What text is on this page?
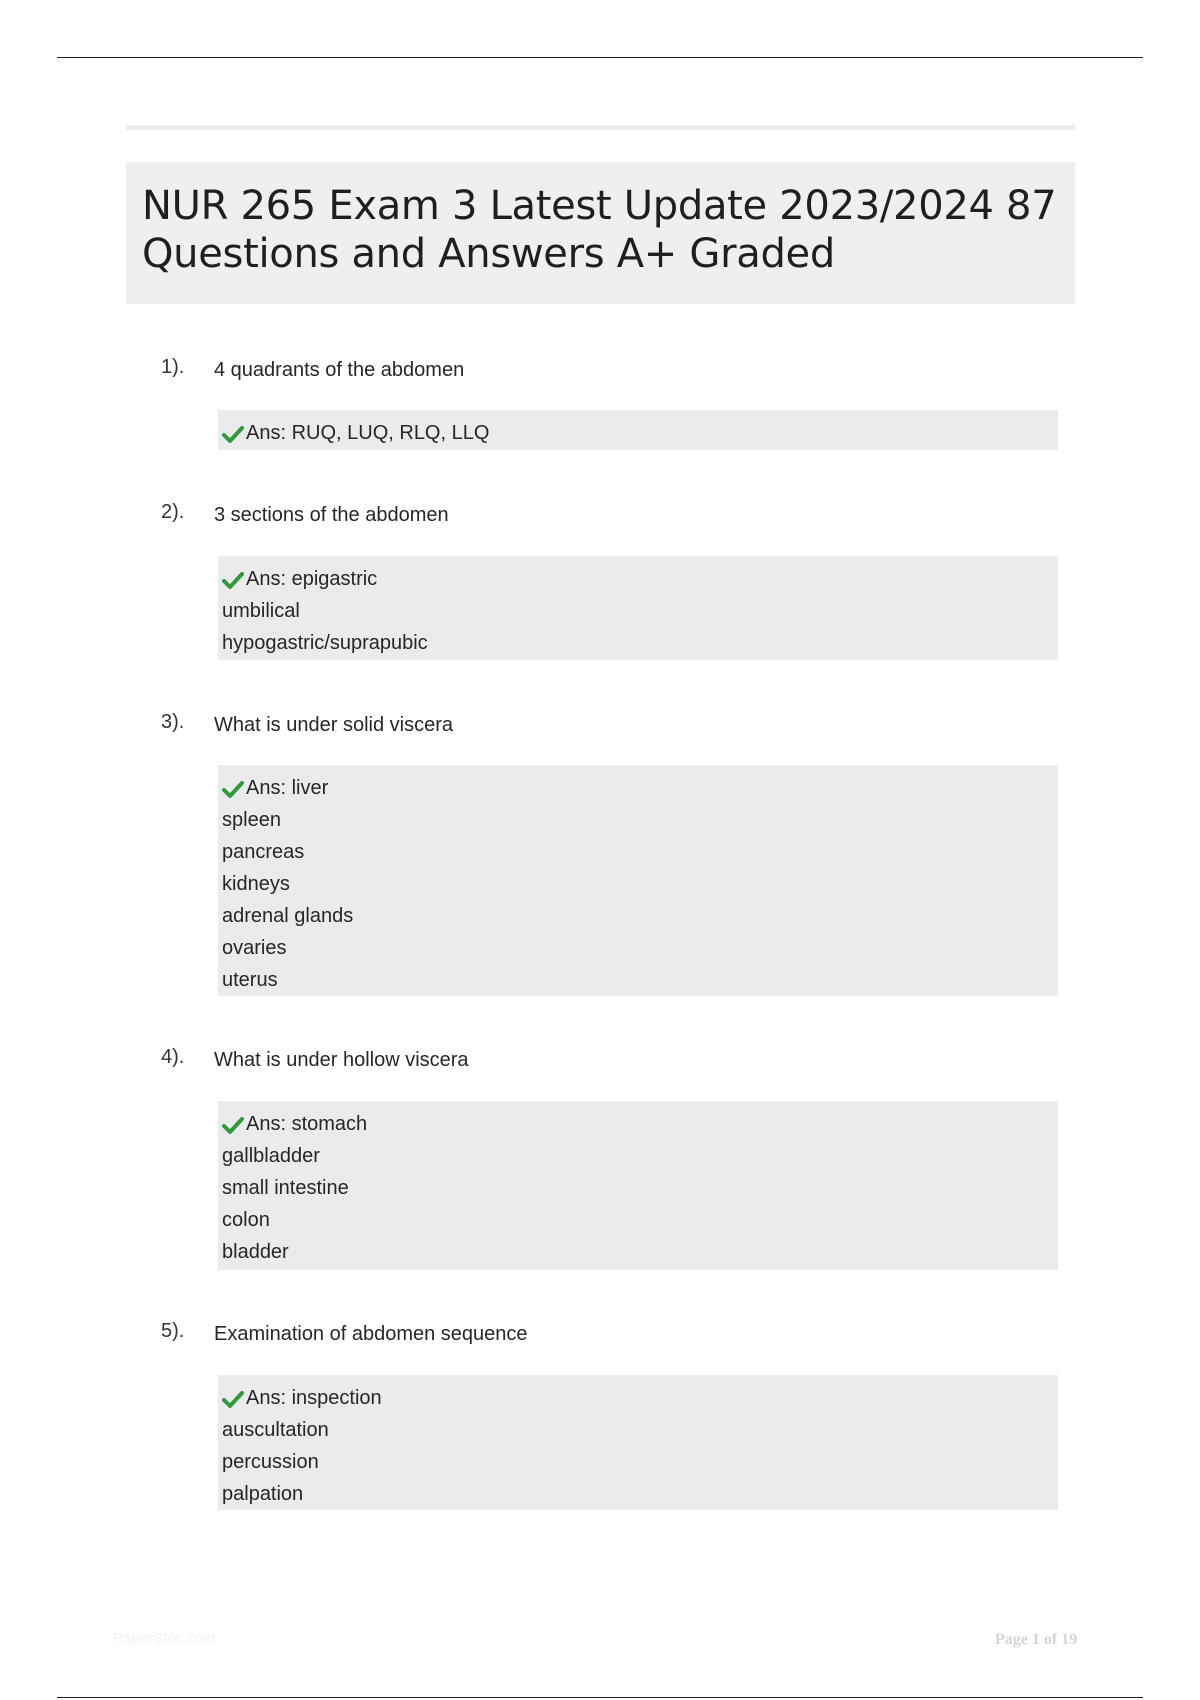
NUR 265 Exam 3 Latest Update 2023/2024 87 Questions and Answers A+ Graded
1). 4 quadrants of the abdomen
Ans: RUQ, LUQ, RLQ, LLQ
2). 3 sections of the abdomen
Ans: epigastric
umbilical
hypogastric/suprapubic
3). What is under solid viscera
Ans: liver
spleen
pancreas
kidneys
adrenal glands
ovaries
uterus
4). What is under hollow viscera
Ans: stomach
gallbladder
small intestine
colon
bladder
5). Examination of abdomen sequence
Ans: inspection
auscultation
percussion
palpation
PaperStoc.com	Page 1 of 19
